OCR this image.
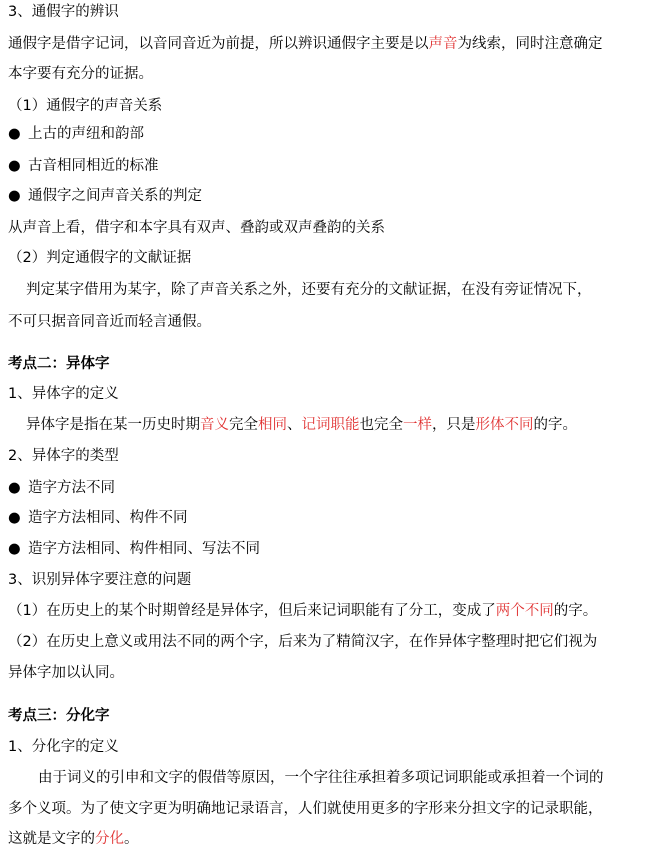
3、通假字的辨识
通假字是借字记词，以音同音近为前提，所以辨识通假字主要是以声音为线索，同时注意确定
本字要有充分的证据。
（1）通假字的声音关系
● 上古的声纽和韵部
● 古音相同相近的标准
● 通假字之间声音关系的判定
从声音上看，借字和本字具有双声、叠韵或双声叠韵的关系
（2）判定通假字的文献证据
判定某字借用为某字，除了声音关系之外，还要有充分的文献证据，在没有旁证情况下，
不可只据音同音近而轻言通假。
考点二：异体字
1、异体字的定义
异体字是指在某一历史时期音义完全相同、记词职能也完全一样，只是形体不同的字。
2、异体字的类型
● 造字方法不同
● 造字方法相同、构件不同
● 造字方法相同、构件相同、写法不同
3、识别异体字要注意的问题
（1）在历史上的某个时期曾经是异体字，但后来记词职能有了分工，变成了两个不同的字。
（2）在历史上意义或用法不同的两个字，后来为了精简汉字，在作异体字整理时把它们视为
异体字加以认同。
考点三：分化字
1、分化字的定义
由于词义的引申和文字的假借等原因，一个字往往承担着多项记词职能或承担着一个词的
多个义项。为了使文字更为明确地记录语言，人们就使用更多的字形来分担文字的记录职能，
这就是文字的分化。
